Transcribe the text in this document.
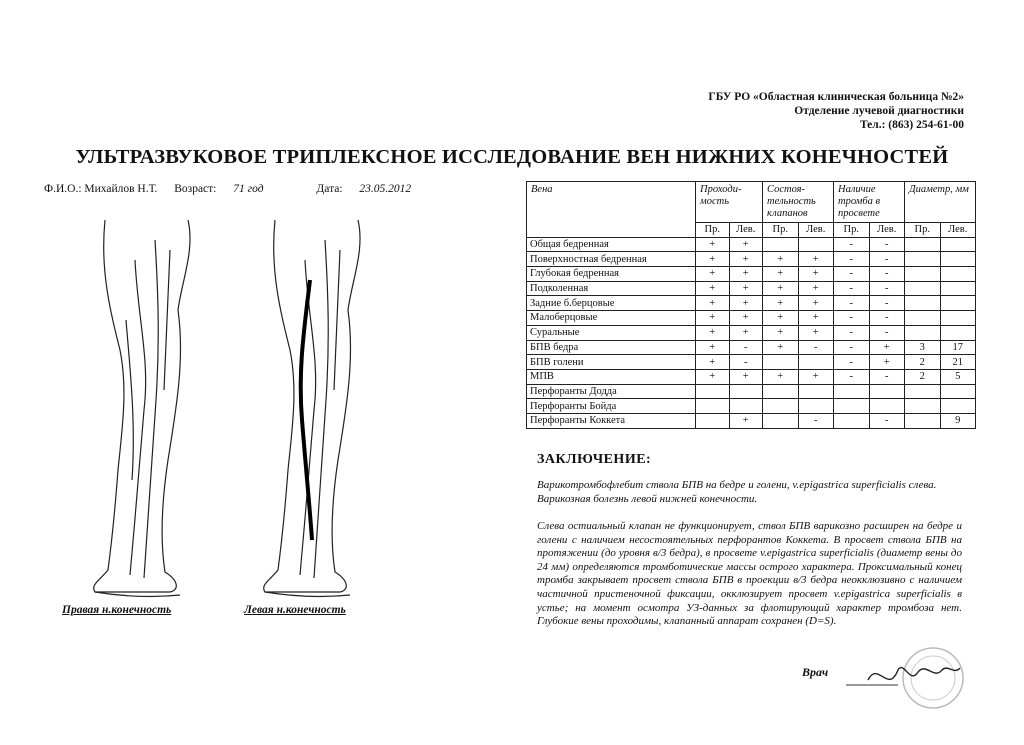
ГБУ РО «Областная клиническая больница №2»
Отделение лучевой диагностики
Тел.: (863) 254-61-00
УЛЬТРАЗВУКОВОЕ ТРИПЛЕКСНОЕ ИССЛЕДОВАНИЕ ВЕН НИЖНИХ КОНЕЧНОСТЕЙ
Ф.И.О.: Михайлов Н.Т. Возраст: 71 год	Дата: 23.05.2012
Правая н.конечность	Левая н.конечность
Вена	Проходи-мость		Состоя-тельность клапанов		Наличие тромба в просвете		Диаметр, мм	
	Пр.	Лев.	Пр.	Лев.	Пр.	Лев.	Пр.	Лев.
Общая бедренная	+	+			-	-		
Поверхностная бедренная	+	+	+	+	-	-		
Глубокая бедренная	+	+	+	+	-	-		
Подколенная	+	+	+	+	-	-		
Задние б.берцовые	+	+	+	+	-	-		
Малоберцовые	+	+	+	+	-	-		
Суральные	+	+	+	+	-	-		
БПВ бедра	+	-	+	-	-	+	3	17
БПВ голени	+	-			-	+	2	21
МПВ	+	+	+	+	-	-	2	5
Перфоранты Додда								
Перфоранты Бойда								
Перфоранты Коккета		+		-		-		9
ЗАКЛЮЧЕНИЕ:
Варикотромбофлебит ствола БПВ на бедре и голени, v.epigastrica superficialis слева. Варикозная болезнь левой нижней конечности.
Слева остиальный клапан не функционирует, ствол БПВ варикозно расширен на бедре и голени с наличием несостоятельных перфорантов Коккета. В просвет ствола БПВ на протяжении (до уровня в/3 бедра), в просвете v.epigastrica superficialis (диаметр вены до 24 мм) определяются тромботические массы острого характера. Проксимальный конец тромба закрывает просвет ствола БПВ в проекции в/3 бедра неокклюзивно с наличием частичной пристеночной фиксации, окклюзирует просвет v.epigastrica superficialis в устье; на момент осмотра УЗ-данных за флотирующий характер тромбоза нет. Глубокие вены проходимы, клапанный аппарат сохранен (D=S).
Врач
